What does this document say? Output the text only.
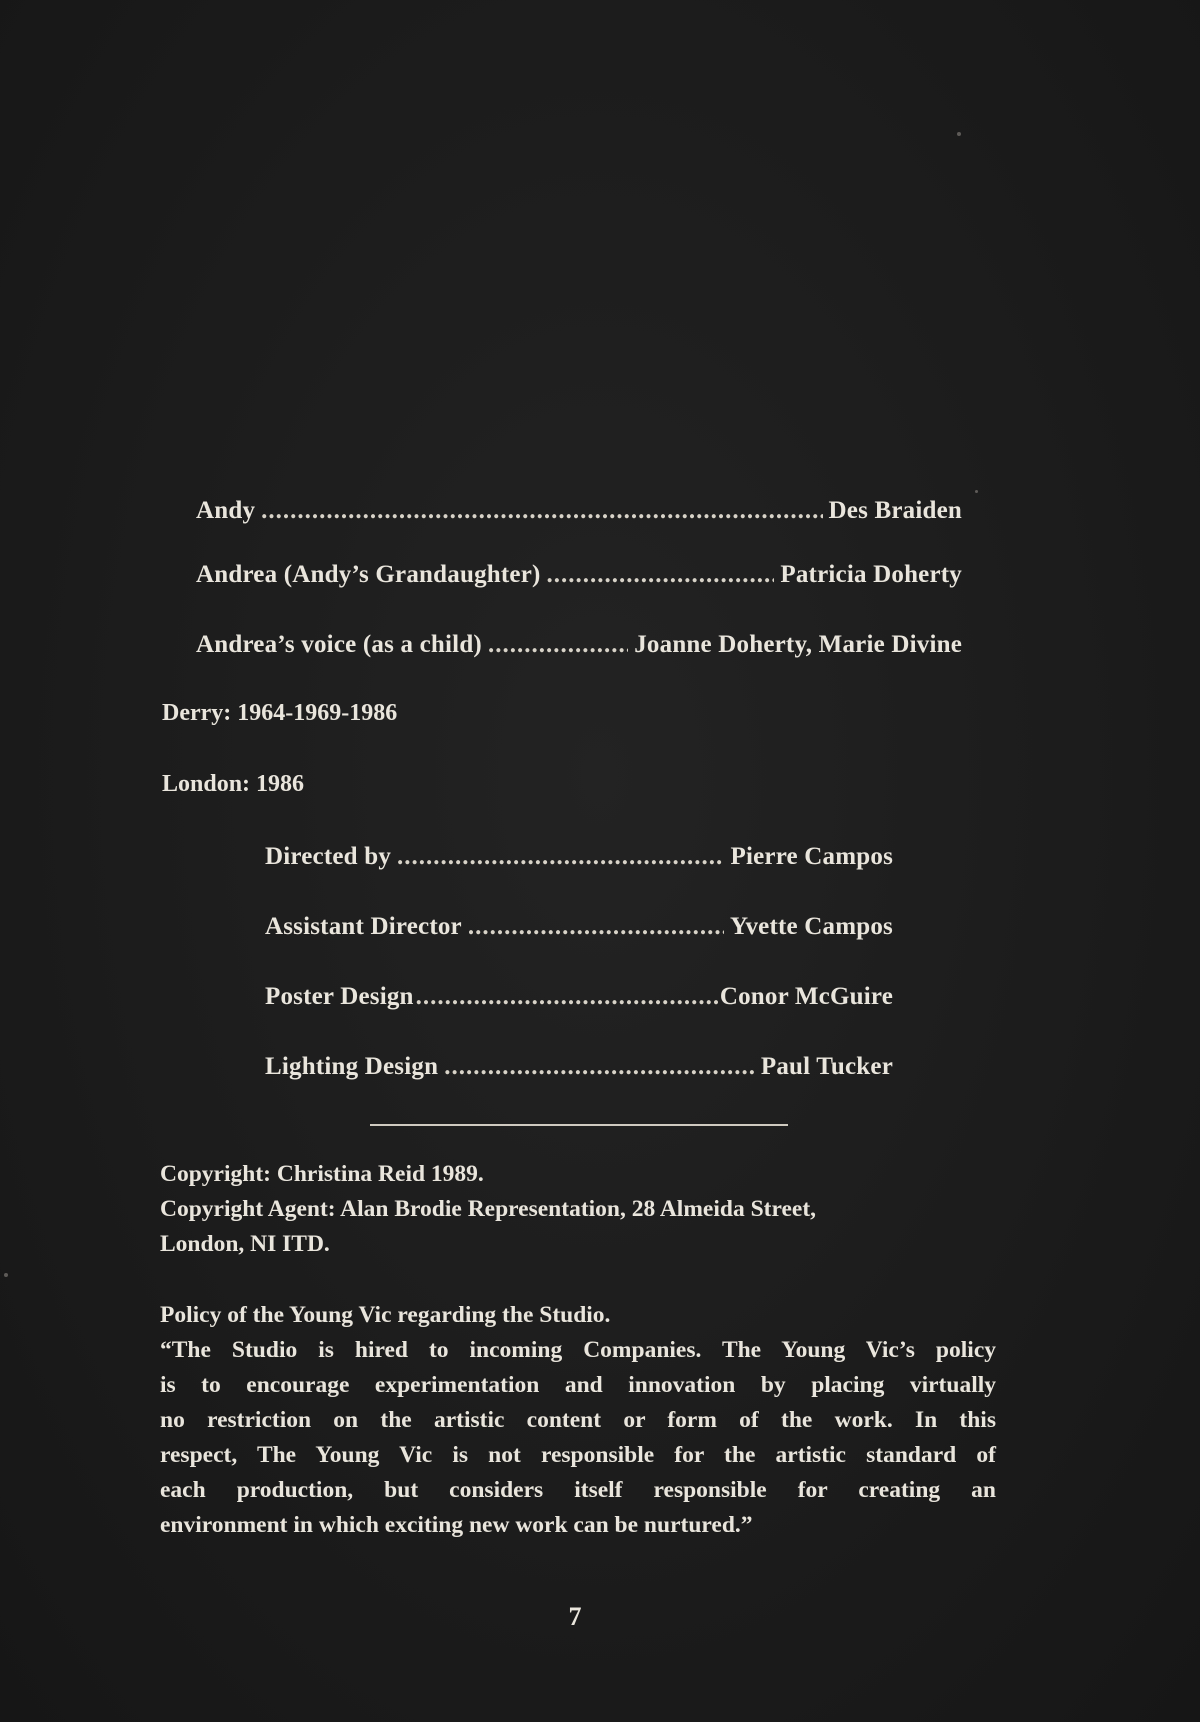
Andy .....	Des Braiden
Andrea (Andy’s Grandaughter) .....	Patricia Doherty
Andrea’s voice (as a child) .....	Joanne Doherty, Marie Divine
Derry: 1964-1969-1986
London: 1986
Directed by .....	Pierre Campos
Assistant Director .....	Yvette Campos
Poster Design .....	Conor McGuire
Lighting Design .....	Paul Tucker
Copyright: Christina Reid 1989.
Copyright Agent: Alan Brodie Representation, 28 Almeida Street,
London, NI ITD.
Policy of the Young Vic regarding the Studio.
“The Studio is hired to incoming Companies. The Young Vic’s policy
is to encourage experimentation and innovation by placing virtually
no restriction on the artistic content or form of the work. In this
respect, The Young Vic is not responsible for the artistic standard of
each production, but considers itself responsible for creating an
environment in which exciting new work can be nurtured.”
7
